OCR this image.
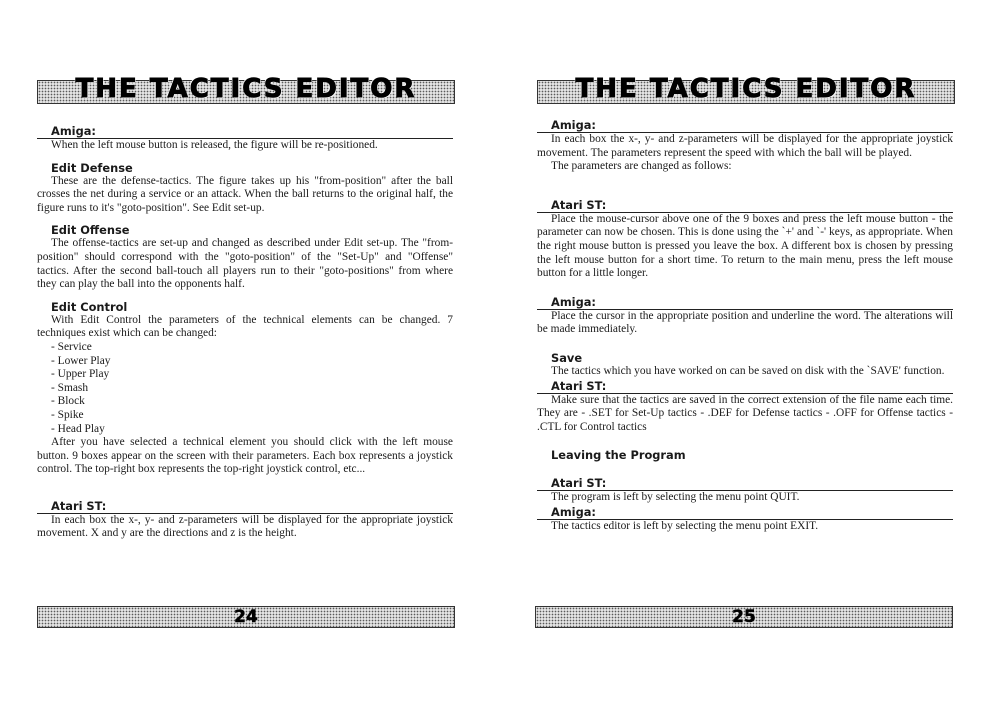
THE TACTICS EDITOR
Amiga:

When the left mouse button is released, the figure will be re-positioned.

Edit Defense

These are the defense-tactics. The figure takes up his "from-position" after the ball crosses the net during a service or an attack. When the ball returns to the original half, the figure runs to it's "goto-position". See Edit set-up.

Edit Offense

The offense-tactics are set-up and changed as described under Edit set-up. The "from-position" should correspond with the "goto-position" of the "Set-Up" and "Offense" tactics. After the second ball-touch all players run to their "goto-positions" from where they can play the ball into the opponents half.

Edit Control

With Edit Control the parameters of the technical elements can be changed. 7 techniques exist which can be changed:

- Service
- Lower Play
- Upper Play
- Smash
- Block
- Spike
- Head Play

After you have selected a technical element you should click with the left mouse button. 9 boxes appear on the screen with their parameters. Each box represents a joystick control. The top-right box represents the top-right joystick control, etc...

Atari ST:

In each box the x-, y- and z-parameters will be displayed for the appropriate joystick movement. X and y are the directions and z is the height.

24
THE TACTICS EDITOR
Amiga:

In each box the x-, y- and z-parameters will be displayed for the appropriate joystick movement. The parameters represent the speed with which the ball will be played.

The parameters are changed as follows:

Atari ST:

Place the mouse-cursor above one of the 9 boxes and press the left mouse button - the parameter can now be chosen. This is done using the `+' and `-' keys, as appropriate. When the right mouse button is pressed you leave the box. A different box is chosen by pressing the left mouse button for a short time. To return to the main menu, press the left mouse button for a little longer.

Amiga:

Place the cursor in the appropriate position and underline the word. The alterations will be made immediately.

Save

The tactics which you have worked on can be saved on disk with the `SAVE' function.

Atari ST:

Make sure that the tactics are saved in the correct extension of the file name each time. They are - .SET for Set-Up tactics - .DEF for Defense tactics - .OFF for Offense tactics - .CTL for Control tactics

Leaving the Program
Atari ST:

The program is left by selecting the menu point QUIT.

Amiga:

The tactics editor is left by selecting the menu point EXIT.

25
